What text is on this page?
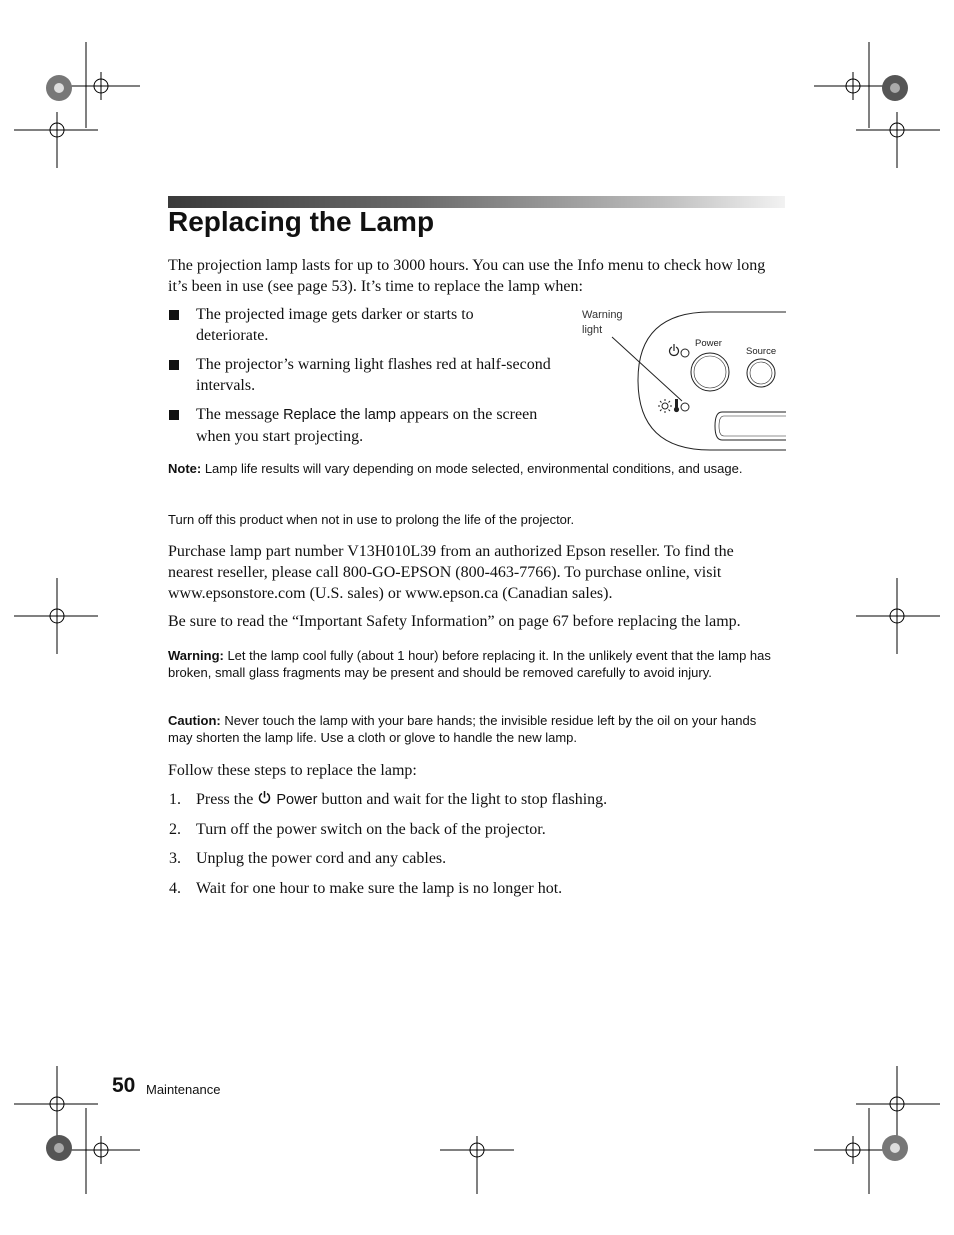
Replacing the Lamp
The projection lamp lasts for up to 3000 hours. You can use the Info menu to check how long it’s been in use (see page 53). It’s time to replace the lamp when:
The projected image gets darker or starts to deteriorate.
The projector’s warning light flashes red at half-second intervals.
The message Replace the lamp appears on the screen when you start projecting.
Warning light
Power
Source
Note: Lamp life results will vary depending on mode selected, environmental conditions, and usage.
Turn off this product when not in use to prolong the life of the projector.
Purchase lamp part number V13H010L39 from an authorized Epson reseller. To find the nearest reseller, please call 800-GO-EPSON (800-463-7766). To purchase online, visit www.epsonstore.com (U.S. sales) or www.epson.ca (Canadian sales).
Be sure to read the “Important Safety Information” on page 67 before replacing the lamp.
Warning: Let the lamp cool fully (about 1 hour) before replacing it. In the unlikely event that the lamp has broken, small glass fragments may be present and should be removed carefully to avoid injury.
Caution: Never touch the lamp with your bare hands; the invisible residue left by the oil on your hands may shorten the lamp life. Use a cloth or glove to handle the new lamp.
Follow these steps to replace the lamp:
1. Press the  Power button and wait for the light to stop flashing.
2. Turn off the power switch on the back of the projector.
3. Unplug the power cord and any cables.
4. Wait for one hour to make sure the lamp is no longer hot.
50 Maintenance
